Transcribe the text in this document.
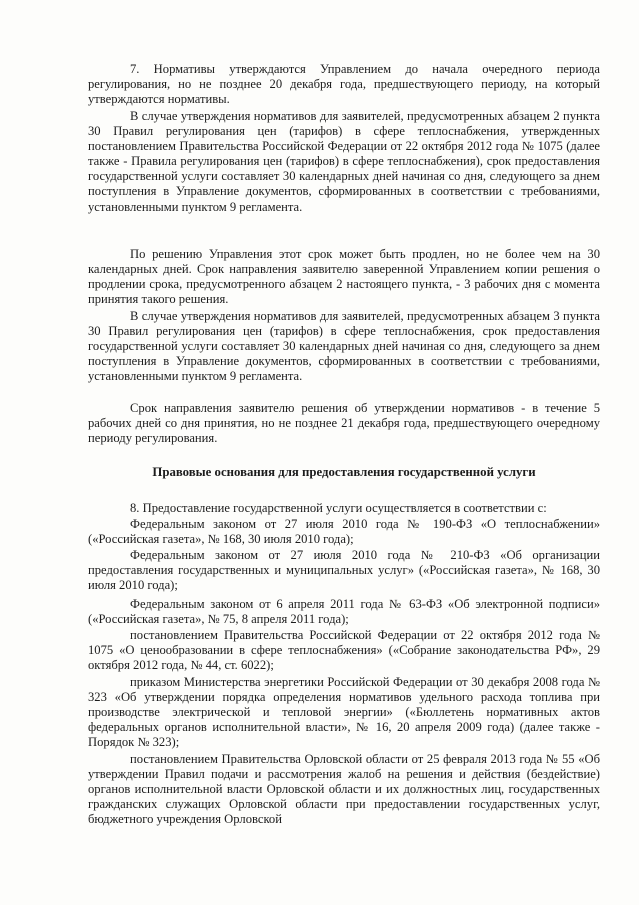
7. Нормативы утверждаются Управлением до начала очередного периода регулирования, но не позднее 20 декабря года, предшествующего периоду, на который утверждаются нормативы.

В случае утверждения нормативов для заявителей, предусмотренных абзацем 2 пункта 30 Правил регулирования цен (тарифов) в сфере теплоснабжения, утвержденных постановлением Правительства Российской Федерации от 22 октября 2012 года № 1075 (далее также - Правила регулирования цен (тарифов) в сфере теплоснабжения), срок предоставления государственной услуги составляет 30 календарных дней начиная со дня, следующего за днем поступления в Управление документов, сформированных в соответствии с требованиями, установленными пунктом 9 регламента.

По решению Управления этот срок может быть продлен, но не более чем на 30 календарных дней. Срок направления заявителю заверенной Управлением копии решения о продлении срока, предусмотренного абзацем 2 настоящего пункта, - 3 рабочих дня с момента принятия такого решения.

В случае утверждения нормативов для заявителей, предусмотренных абзацем 3 пункта 30 Правил регулирования цен (тарифов) в сфере теплоснабжения, срок предоставления государственной услуги составляет 30 календарных дней начиная со дня, следующего за днем поступления в Управление документов, сформированных в соответствии с требованиями, установленными пунктом 9 регламента.

Срок направления заявителю решения об утверждении нормативов - в течение 5 рабочих дней со дня принятия, но не позднее 21 декабря года, предшествующего очередному периоду регулирования.

Правовые основания для предоставления государственной услуги

8. Предоставление государственной услуги осуществляется в соответствии с:

Федеральным законом от 27 июля 2010 года № 190-ФЗ «О теплоснабжении» («Российская газета», № 168, 30 июля 2010 года);

Федеральным законом от 27 июля 2010 года № 210-ФЗ «Об организации предоставления государственных и муниципальных услуг» («Российская газета», № 168, 30 июля 2010 года);

Федеральным законом от 6 апреля 2011 года № 63-ФЗ «Об электронной подписи» («Российская газета», № 75, 8 апреля 2011 года);

постановлением Правительства Российской Федерации от 22 октября 2012 года № 1075 «О ценообразовании в сфере теплоснабжения» («Собрание законодательства РФ», 29 октября 2012 года, № 44, ст. 6022);

приказом Министерства энергетики Российской Федерации от 30 декабря 2008 года № 323 «Об утверждении порядка определения нормативов удельного расхода топлива при производстве электрической и тепловой энергии» («Бюллетень нормативных актов федеральных органов исполнительной власти», № 16, 20 апреля 2009 года) (далее также - Порядок № 323);

постановлением Правительства Орловской области от 25 февраля 2013 года № 55 «Об утверждении Правил подачи и рассмотрения жалоб на решения и действия (бездействие) органов исполнительной власти Орловской области и их должностных лиц, государственных гражданских служащих Орловской области при предоставлении государственных услуг, бюджетного учреждения Орловской
